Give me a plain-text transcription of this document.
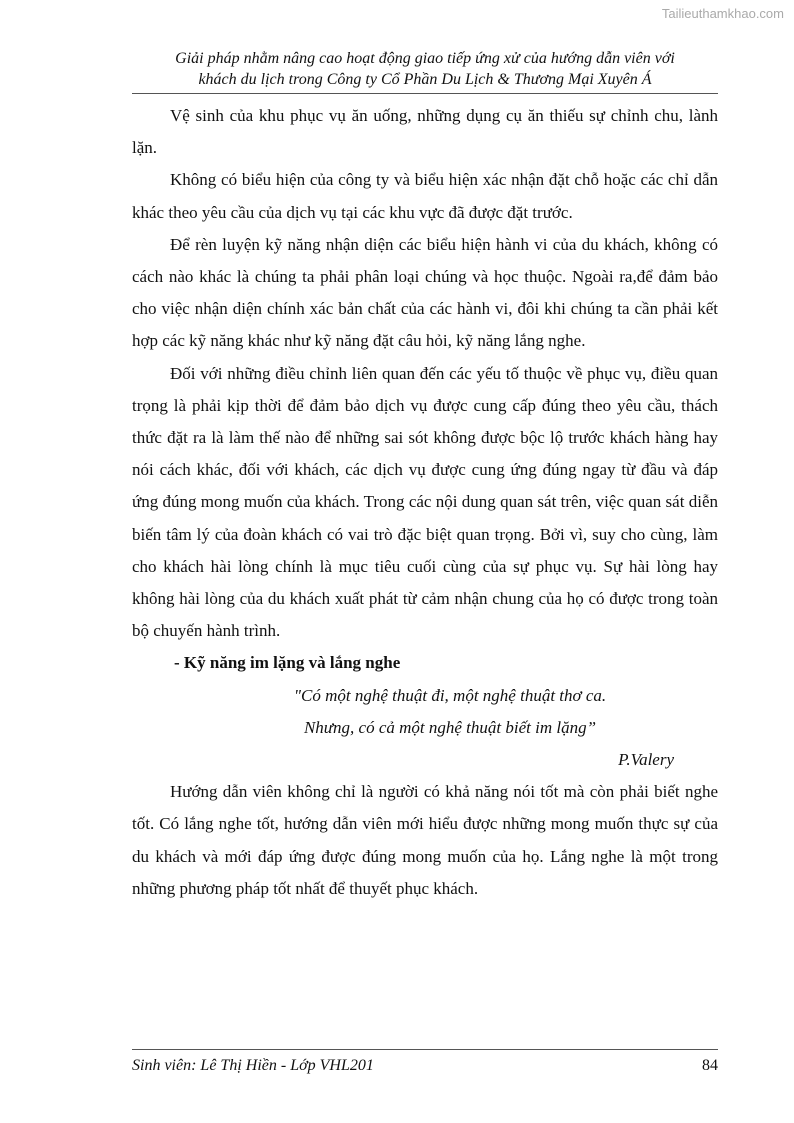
Tailieuthamkhao.com
Giải pháp nhằm nâng cao hoạt động giao tiếp ứng xử của hướng dẫn viên với
khách du lịch trong Công ty Cổ Phần Du Lịch & Thương Mại Xuyên Á

Vệ sinh của khu phục vụ ăn uống, những dụng cụ ăn thiếu sự chỉnh chu, lành lặn.

Không có biểu hiện của công ty và biểu hiện xác nhận đặt chỗ hoặc các chỉ dẫn khác theo yêu cầu của dịch vụ tại các khu vực đã được đặt trước.

Để rèn luyện kỹ năng nhận diện các biểu hiện hành vi của du khách, không có cách nào khác là chúng ta phải phân loại chúng và học thuộc. Ngoài ra,để đảm bảo cho việc nhận diện chính xác bản chất của các hành vi, đôi khi chúng ta cần phải kết hợp các kỹ năng khác như kỹ năng đặt câu hỏi, kỹ năng lắng nghe.

Đối với những điều chỉnh liên quan đến các yếu tố thuộc về phục vụ, điều quan trọng là phải kịp thời để đảm bảo dịch vụ được cung cấp đúng theo yêu cầu, thách thức đặt ra là làm thế nào để những sai sót không được bộc lộ trước khách hàng hay nói cách khác, đối với khách, các dịch vụ được cung ứng đúng ngay từ đầu và đáp ứng đúng mong muốn của khách. Trong các nội dung quan sát trên, việc quan sát diễn biến tâm lý của đoàn khách có vai trò đặc biệt quan trọng. Bởi vì, suy cho cùng, làm cho khách hài lòng chính là mục tiêu cuối cùng của sự phục vụ. Sự hài lòng hay không hài lòng của du khách xuất phát từ cảm nhận chung của họ có được trong toàn bộ chuyến hành trình.

- Kỹ năng im lặng và lắng nghe

"Có một nghệ thuật đi, một nghệ thuật thơ ca.

Nhưng, có cả một nghệ thuật biết im lặng”

P.Valery

Hướng dẫn viên không chỉ là người có khả năng nói tốt mà còn phải biết nghe tốt. Có lắng nghe tốt, hướng dẫn viên mới hiểu được những mong muốn thực sự của du khách và mới đáp ứng được đúng mong muốn của họ. Lắng nghe là một trong những phương pháp tốt nhất để thuyết phục khách.

Sinh viên: Lê Thị Hiền - Lớp VHL201	84
